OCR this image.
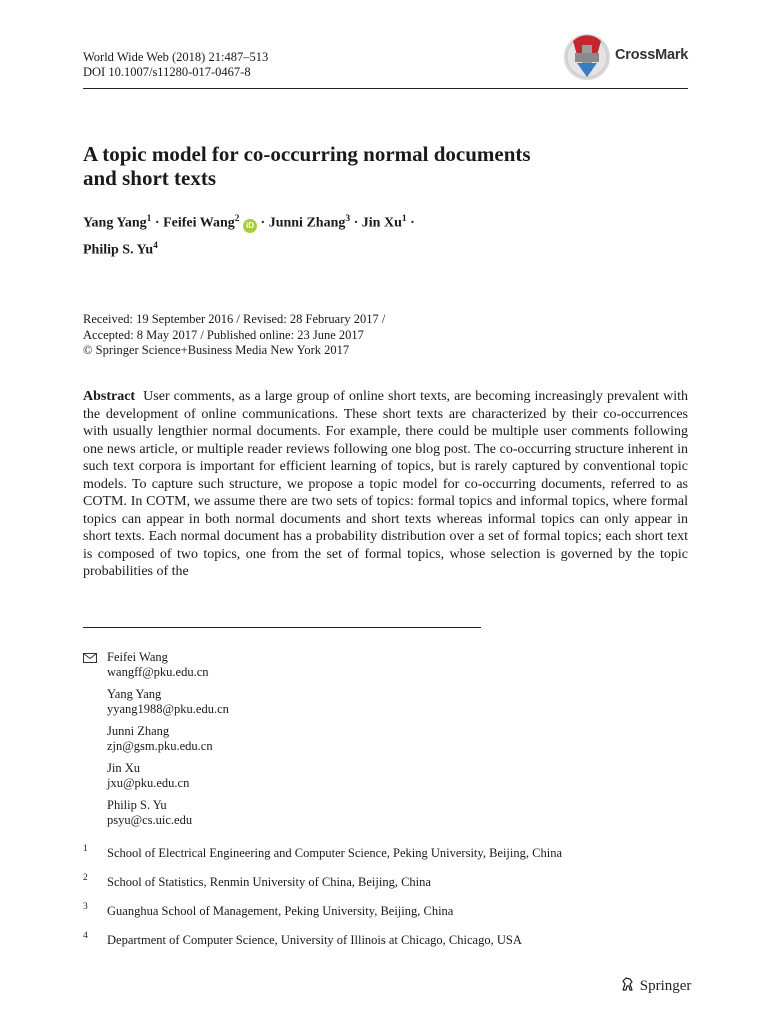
World Wide Web (2018) 21:487–513
DOI 10.1007/s11280-017-0467-8
CrossMark
A topic model for co-occurring normal documents
and short texts
Yang Yang$^1$ · Feifei Wang$^2$ iD · Junni Zhang$^3$ · Jin $Xu^1$ ·
Philip S. Yu$^4$
Received: 19 September 2016 / Revised: 28 February 2017 /
Accepted: 8 May 2017 / Published online: 23 June 2017
© Springer Science+Business Media New York 2017
Abstract User comments, as a large group of online short texts, are becoming increasingly prevalent with the development of online communications. These short texts are characterized by their co-occurrences with usually lengthier normal documents. For example, there could be multiple user comments following one news article, or multiple reader reviews following one blog post. The co-occurring structure inherent in such text corpora is important for efficient learning of topics, but is rarely captured by conventional topic models. To capture such structure, we propose a topic model for co-occurring documents, referred to as COTM. In COTM, we assume there are two sets of topics: formal topics and informal topics, where formal topics can appear in both normal documents and short texts whereas informal topics can only appear in short texts. Each normal document has a probability distribution over a set of formal topics; each short text is composed of two topics, one from the set of formal topics, whose selection is governed by the topic probabilities of the
Feifei Wang
wangff@pku.edu.cn
Yang Yang
yyang1988@pku.edu.cn
Junni Zhang
zjn@gsm.pku.edu.cn
Jin Xu
jxu@pku.edu.cn
Philip S. Yu
psyu@cs.uic.edu
1 School of Electrical Engineering and Computer Science, Peking University, Beijing, China
2 School of Statistics, Renmin University of China, Beijing, China
3 Guanghua School of Management, Peking University, Beijing, China
4 Department of Computer Science, University of Illinois at Chicago, Chicago, USA
Springer
